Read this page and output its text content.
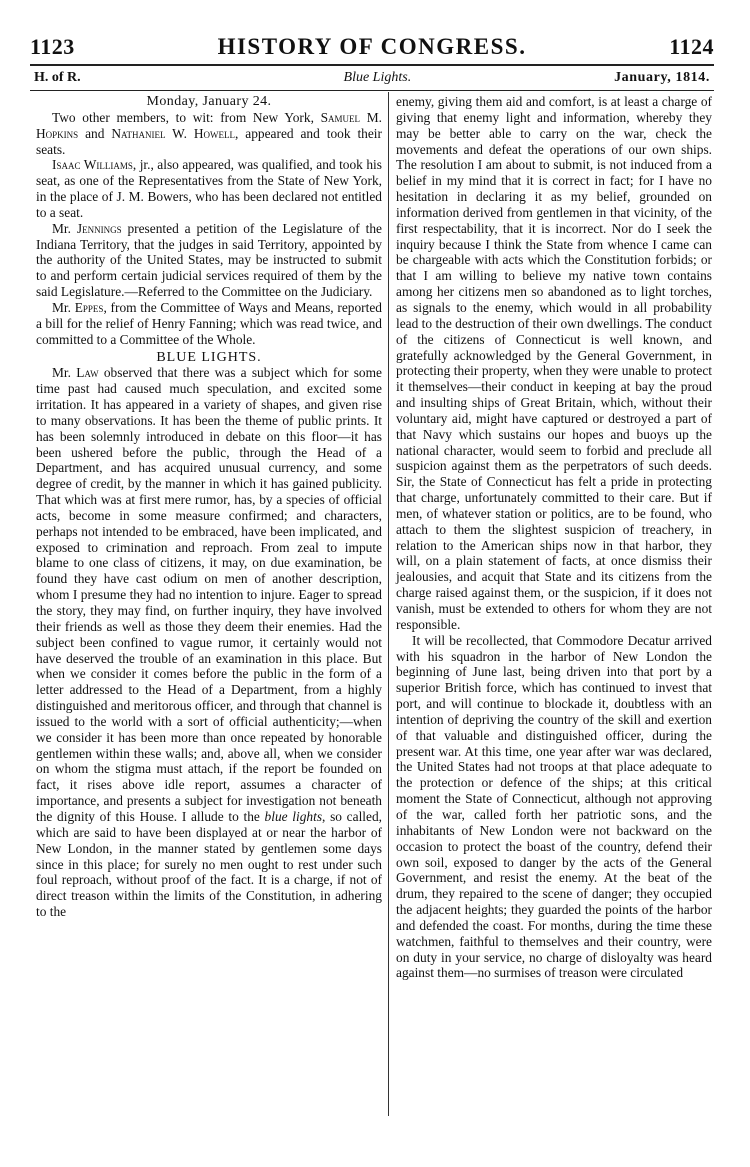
1123	HISTORY OF CONGRESS.	1124
H. of R.	Blue Lights.	January, 1814.

Monday, January 24.

Two other members, to wit: from New York, Samuel M. Hopkins and Nathaniel W. Howell, appeared and took their seats.

Isaac Williams, jr., also appeared, was qualified, and took his seat, as one of the Representatives from the State of New York, in the place of J. M. Bowers, who has been declared not entitled to a seat.

Mr. Jennings presented a petition of the Legislature of the Indiana Territory, that the judges in said Territory, appointed by the authority of the United States, may be instructed to submit to and perform certain judicial services required of them by the said Legislature.—Referred to the Committee on the Judiciary.

Mr. Eppes, from the Committee of Ways and Means, reported a bill for the relief of Henry Fanning; which was read twice, and committed to a Committee of the Whole.

BLUE LIGHTS.

Mr. Law observed that there was a subject which for some time past had caused much speculation, and excited some irritation. It has appeared in a variety of shapes, and given rise to many observations. It has been the theme of public prints. It has been solemnly introduced in debate on this floor—it has been ushered before the public, through the Head of a Department, and has acquired unusual currency, and some degree of credit, by the manner in which it has gained publicity. That which was at first mere rumor, has, by a species of official acts, become in some measure confirmed; and characters, perhaps not intended to be embraced, have been implicated, and exposed to crimination and reproach. From zeal to impute blame to one class of citizens, it may, on due examination, be found they have cast odium on men of another description, whom I presume they had no intention to injure. Eager to spread the story, they may find, on further inquiry, they have involved their friends as well as those they deem their enemies. Had the subject been confined to vague rumor, it certainly would not have deserved the trouble of an examination in this place. But when we consider it comes before the public in the form of a letter addressed to the Head of a Department, from a highly distinguished and meritorous officer, and through that channel is issued to the world with a sort of official authenticity;—when we consider it has been more than once repeated by honorable gentlemen within these walls; and, above all, when we consider on whom the stigma must attach, if the report be founded on fact, it rises above idle report, assumes a character of importance, and presents a subject for investigation not beneath the dignity of this House. I allude to the blue lights, so called, which are said to have been displayed at or near the harbor of New London, in the manner stated by gentlemen some days since in this place; for surely no men ought to rest under such foul reproach, without proof of the fact. It is a charge, if not of direct treason within the limits of the Constitution, in adhering to the

enemy, giving them aid and comfort, is at least a charge of giving that enemy light and information, whereby they may be better able to carry on the war, check the movements and defeat the operations of our own ships. The resolution I am about to submit, is not induced from a belief in my mind that it is correct in fact; for I have no hesitation in declaring it as my belief, grounded on information derived from gentlemen in that vicinity, of the first respectability, that it is incorrect. Nor do I seek the inquiry because I think the State from whence I came can be chargeable with acts which the Constitution forbids; or that I am willing to believe my native town contains among her citizens men so abandoned as to light torches, as signals to the enemy, which would in all probability lead to the destruction of their own dwellings. The conduct of the citizens of Connecticut is well known, and gratefully acknowledged by the General Government, in protecting their property, when they were unable to protect it themselves—their conduct in keeping at bay the proud and insulting ships of Great Britain, which, without their voluntary aid, might have captured or destroyed a part of that Navy which sustains our hopes and buoys up the national character, would seem to forbid and preclude all suspicion against them as the perpetrators of such deeds. Sir, the State of Connecticut has felt a pride in protecting that charge, unfortunately committed to their care. But if men, of whatever station or politics, are to be found, who attach to them the slightest suspicion of treachery, in relation to the American ships now in that harbor, they will, on a plain statement of facts, at once dismiss their jealousies, and acquit that State and its citizens from the charge raised against them, or the suspicion, if it does not vanish, must be extended to others for whom they are not responsible.

It will be recollected, that Commodore Decatur arrived with his squadron in the harbor of New London the beginning of June last, being driven into that port by a superior British force, which has continued to invest that port, and will continue to blockade it, doubtless with an intention of depriving the country of the skill and exertion of that valuable and distinguished officer, during the present war. At this time, one year after war was declared, the United States had not troops at that place adequate to the protection or defence of the ships; at this critical moment the State of Connecticut, although not approving of the war, called forth her patriotic sons, and the inhabitants of New London were not backward on the occasion to protect the boast of the country, defend their own soil, exposed to danger by the acts of the General Government, and resist the enemy. At the beat of the drum, they repaired to the scene of danger; they occupied the adjacent heights; they guarded the points of the harbor and defended the coast. For months, during the time these watchmen, faithful to themselves and their country, were on duty in your service, no charge of disloyalty was heard against them—no surmises of treason were circulated
